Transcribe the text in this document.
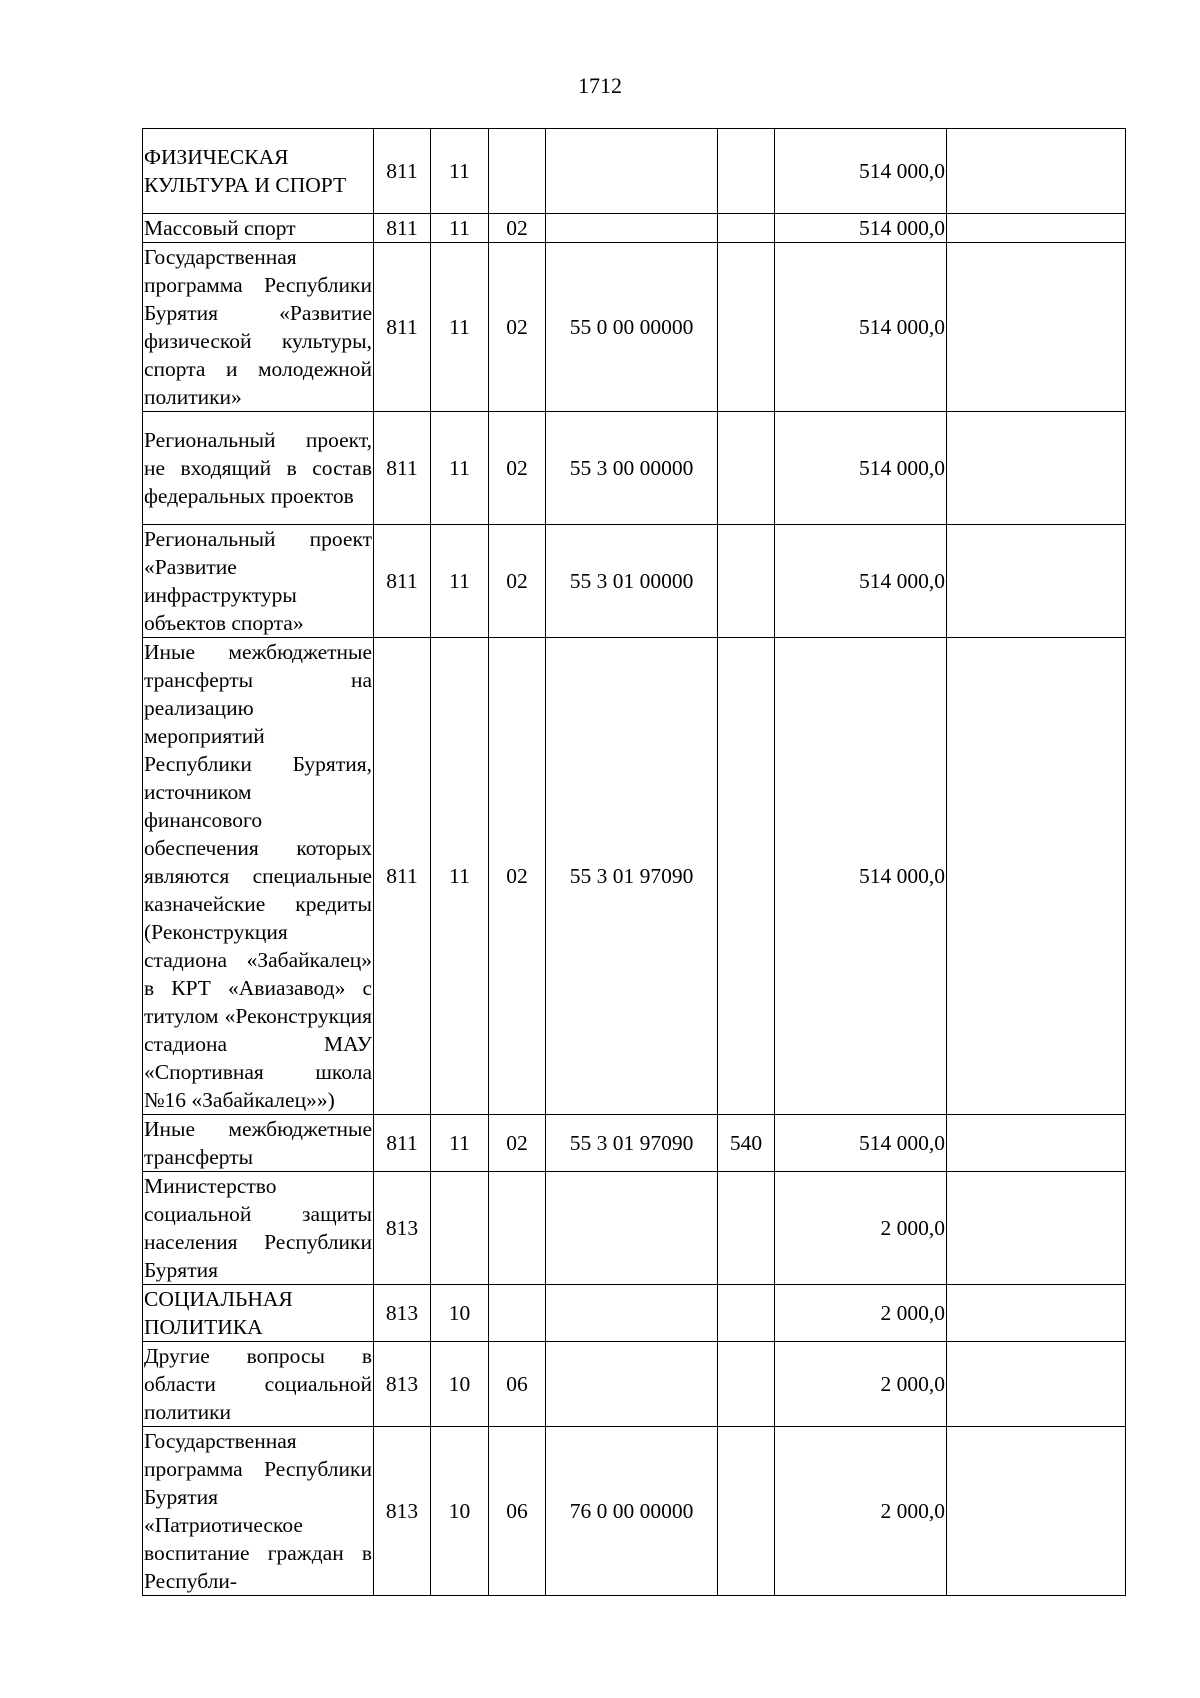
1712
ФИЗИЧЕСКАЯ КУЛЬТУРА И СПОРТ	811	11				514 000,0	
Массовый спорт	811	11	02			514 000,0	
Государственная программа Республики Бурятия «Развитие физической культуры, спорта и молодежной политики»	811	11	02	55 0 00 00000		514 000,0	
Региональный проект, не входящий в состав федеральных проектов	811	11	02	55 3 00 00000		514 000,0	
Региональный проект «Развитие инфраструктуры объектов спорта»	811	11	02	55 3 01 00000		514 000,0	
Иные межбюджетные трансферты на реализацию мероприятий Республики Бурятия, источником финансового обеспечения которых являются специальные казначейские кредиты (Реконструкция стадиона «Забайкалец» в КРТ «Авиазавод» с титулом «Реконструкция стадиона МАУ «Спортивная школа №16 «Забайкалец»»)	811	11	02	55 3 01 97090		514 000,0	
Иные межбюджетные трансферты	811	11	02	55 3 01 97090	540	514 000,0	
Министерство социальной защиты населения Республики Бурятия	813					2 000,0	
СОЦИАЛЬНАЯ ПОЛИТИКА	813	10				2 000,0	
Другие вопросы в области социальной политики	813	10	06			2 000,0	
Государственная программа Республики Бурятия «Патриотическое воспитание граждан в Республи-	813	10	06	76 0 00 00000		2 000,0	
